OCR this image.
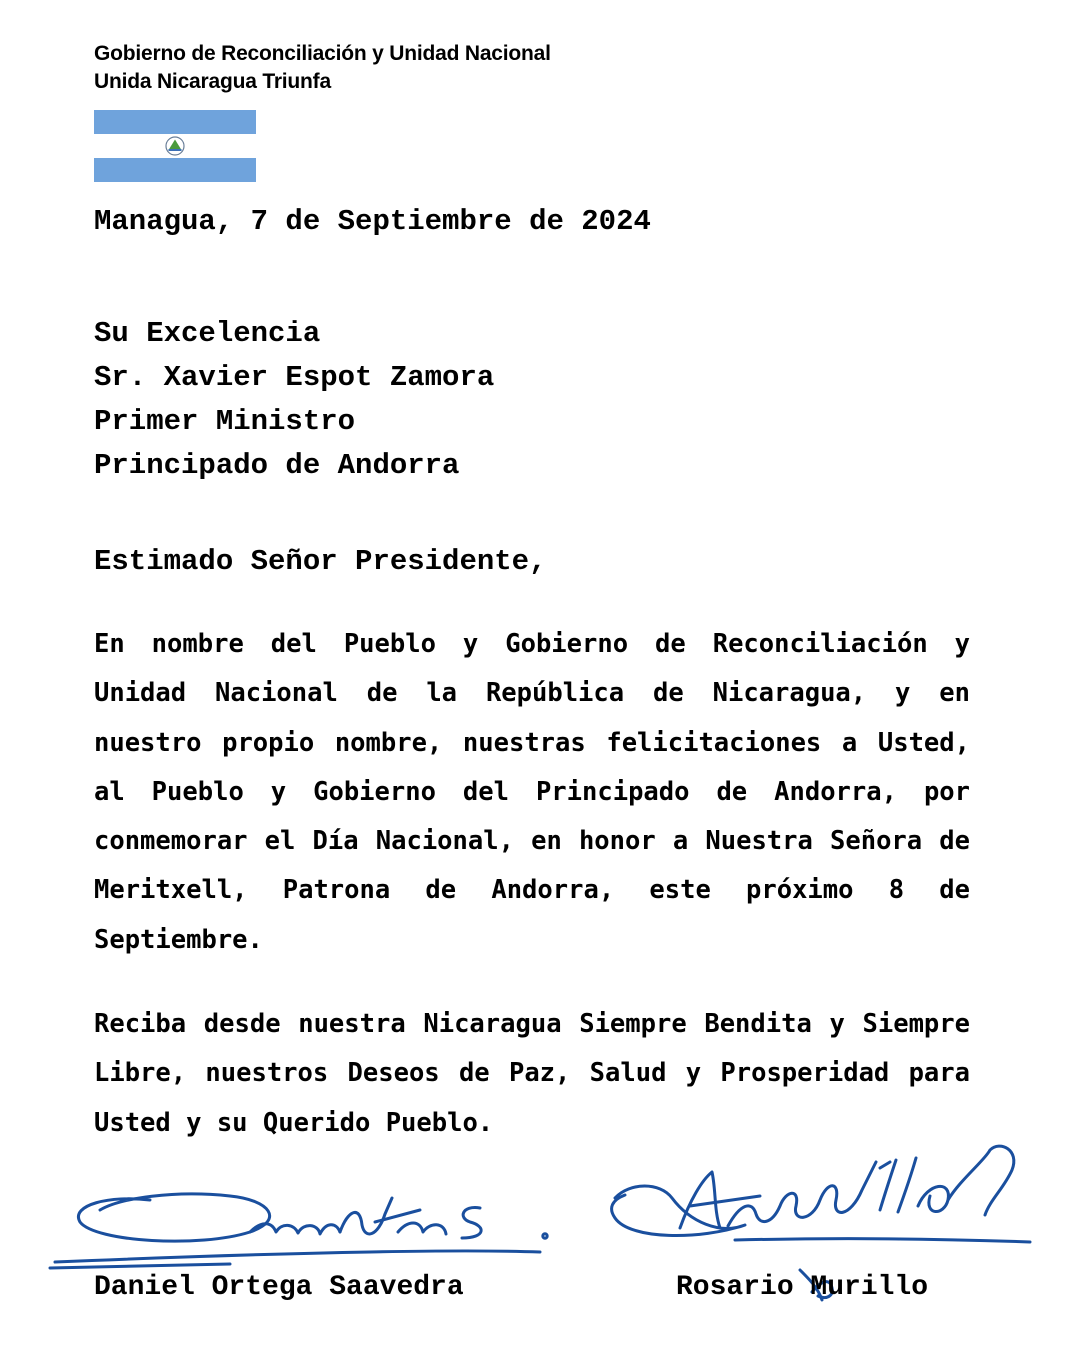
Gobierno de Reconciliación y Unidad Nacional
Unida Nicaragua Triunfa
Managua, 7 de Septiembre de 2024
Su Excelencia
Sr. Xavier Espot Zamora
Primer Ministro
Principado de Andorra
Estimado Señor Presidente,
En nombre del Pueblo y Gobierno de Reconciliación y Unidad Nacional de la República de Nicaragua, y en nuestro propio nombre, nuestras felicitaciones a Usted, al Pueblo y Gobierno del Principado de Andorra, por conmemorar el Día Nacional, en honor a Nuestra Señora de Meritxell, Patrona de Andorra, este próximo 8 de Septiembre.
Reciba desde nuestra Nicaragua Siempre Bendita y Siempre Libre, nuestros Deseos de Paz, Salud y Prosperidad para Usted y su Querido Pueblo.
Daniel Ortega Saavedra	Rosario Murillo
